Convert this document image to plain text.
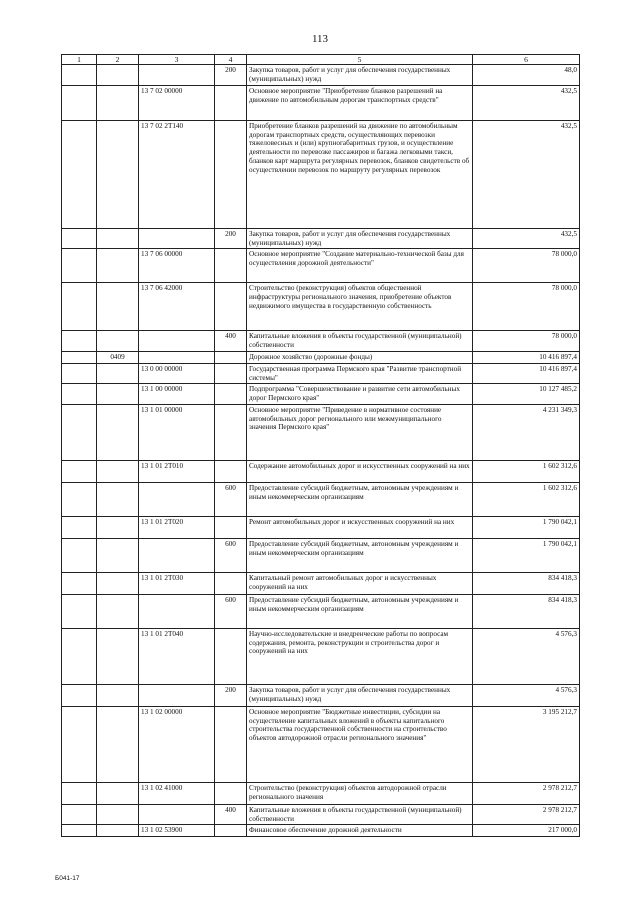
113
1	2	3	4	5	6
			200	Закупка товаров, работ и услуг для обеспечения государственных (муниципальных) нужд	48,0
		13 7 02 00000		Основное мероприятие "Приобретение бланков разрешений на движение по автомобильным дорогам транспортных средств"	432,5
		13 7 02 2Т140		Приобретение бланков разрешений на движение по автомобильным дорогам транспортных средств, осуществляющих перевозки тяжеловесных и (или) крупногабаритных грузов, и осуществление деятельности по перевозке пассажиров и багажа легковыми такси, бланков карт маршрута регулярных перевозок, бланков свидетельств об осуществлении перевозок по маршруту регулярных перевозок	432,5
			200	Закупка товаров, работ и услуг для обеспечения государственных (муниципальных) нужд	432,5
		13 7 06 00000		Основное мероприятие "Создание материально-технической базы для осуществления дорожной деятельности"	78 000,0
		13 7 06 42000		Строительство (реконструкция) объектов общественной инфраструктуры регионального значения, приобретение объектов недвижимого имущества в государственную собственность	78 000,0
			400	Капитальные вложения в объекты государственной (муниципальной) собственности	78 000,0
	0409			Дорожное хозяйство (дорожные фонды)	10 416 897,4
		13 0 00 00000		Государственная программа Пермского края "Развитие транспортной системы"	10 416 897,4
		13 1 00 00000		Подпрограмма "Совершенствование и развитие сети автомобильных дорог Пермского края"	10 127 485,2
		13 1 01 00000		Основное мероприятие "Приведение в нормативное состояние автомобильных дорог регионального или межмуниципального значения Пермского края"	4 231 349,3
		13 1 01 2Т010		Содержание автомобильных дорог и искусственных сооружений на них	1 602 312,6
			600	Предоставление субсидий бюджетным, автономным учреждениям и иным некоммерческим организациям	1 602 312,6
		13 1 01 2Т020		Ремонт автомобильных дорог и искусственных сооружений на них	1 790 042,1
			600	Предоставление субсидий бюджетным, автономным учреждениям и иным некоммерческим организациям	1 790 042,1
		13 1 01 2Т030		Капитальный ремонт автомобильных дорог и искусственных сооружений на них	834 418,3
			600	Предоставление субсидий бюджетным, автономным учреждениям и иным некоммерческим организациям	834 418,3
		13 1 01 2Т040		Научно-исследовательские и внедренческие работы по вопросам содержания, ремонта, реконструкции и строительства дорог и сооружений на них	4 576,3
			200	Закупка товаров, работ и услуг для обеспечения государственных (муниципальных) нужд	4 576,3
		13 1 02 00000		Основное мероприятие "Бюджетные инвестиции, субсидии на осуществление капитальных вложений в объекты капитального строительства государственной собственности на строительство объектов автодорожной отрасли регионального значения"	3 195 212,7
		13 1 02 41000		Строительство (реконструкция) объектов автодорожной отрасли регионального значения	2 978 212,7
			400	Капитальные вложения в объекты государственной (муниципальной) собственности	2 978 212,7
		13 1 02 53900		Финансовое обеспечение дорожной деятельности	217 000,0
Б041-17
